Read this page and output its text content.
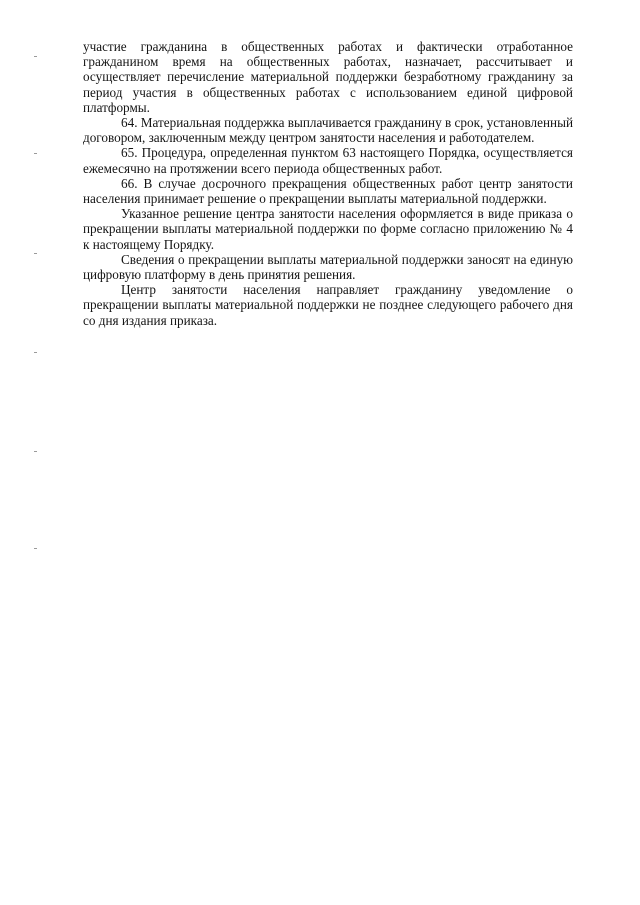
участие гражданина в общественных работах и фактически отработанное гражданином время на общественных работах, назначает, рассчитывает и осуществляет перечисление материальной поддержки безработному гражданину за период участия в общественных работах с использованием единой цифровой платформы.

64. Материальная поддержка выплачивается гражданину в срок, установленный договором, заключенным между центром занятости населения и работодателем.

65. Процедура, определенная пунктом 63 настоящего Порядка, осуществляется ежемесячно на протяжении всего периода общественных работ.

66. В случае досрочного прекращения общественных работ центр занятости населения принимает решение о прекращении выплаты материальной поддержки.

Указанное решение центра занятости населения оформляется в виде приказа о прекращении выплаты материальной поддержки по форме согласно приложению № 4 к настоящему Порядку.

Сведения о прекращении выплаты материальной поддержки заносят на единую цифровую платформу в день принятия решения.

Центр занятости населения направляет гражданину уведомление о прекращении выплаты материальной поддержки не позднее следующего рабочего дня со дня издания приказа.
